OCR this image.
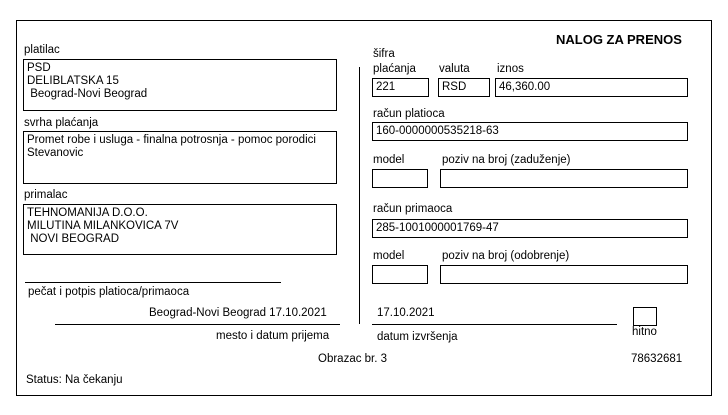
NALOG ZA PRENOS
platilac
PSD
DELIBLATSKA 15
Beograd-Novi Beograd
svrha plaćanja
Promet robe i usluga - finalna potrosnja - pomoc porodici
Stevanovic
primalac
TEHNOMANIJA D.O.O.
MILUTINA MILANKOVICA 7V
NOVI BEOGRAD
pečat i potpis platioca/primaoca
Beograd-Novi Beograd 17.10.2021
mesto i datum prijema
šifra
plaćanja
221
valuta
RSD
iznos
46,360.00
račun platioca
160-0000000535218-63
model	poziv na broj (zaduženje)
račun primaoca
285-1001000001769-47
model	poziv na broj (odobrenje)
17.10.2021
datum izvršenja	hitno
Obrazac br. 3	78632681
Status: Na čekanju
